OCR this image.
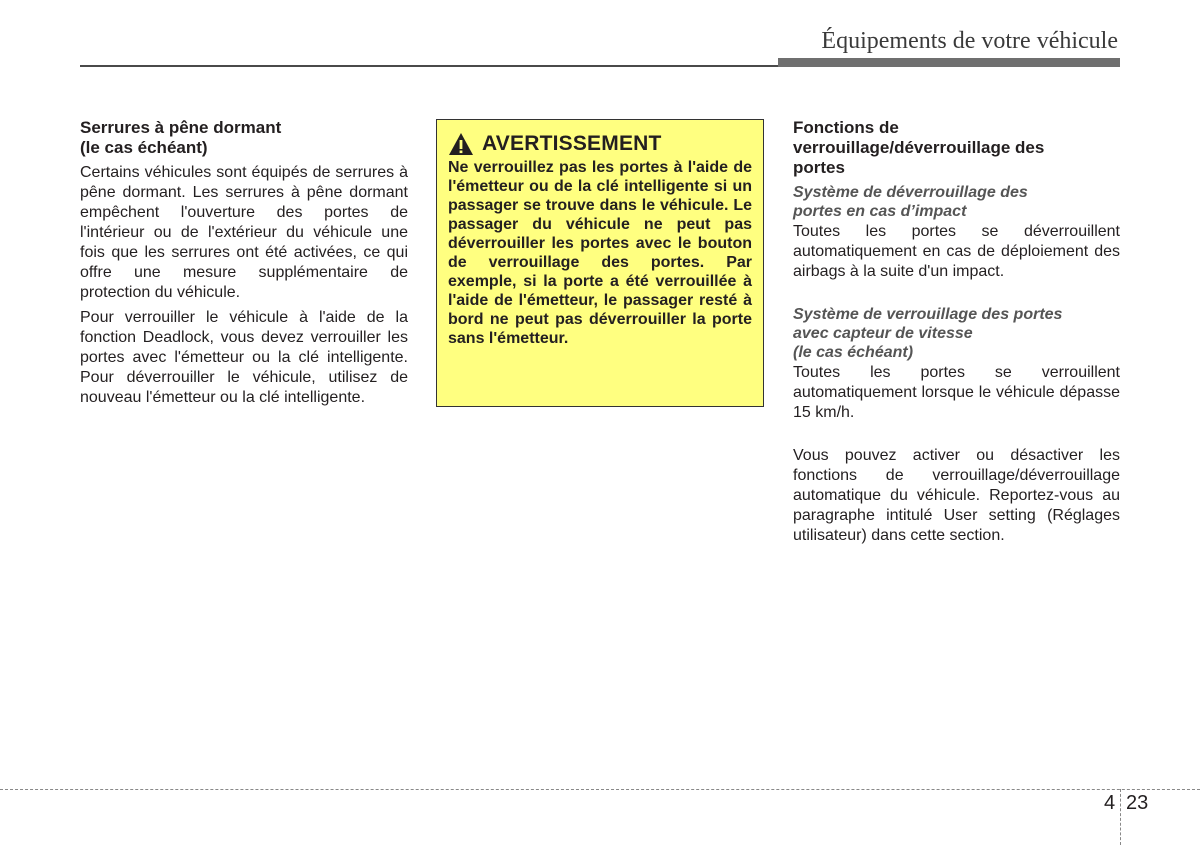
Équipements de votre véhicule
Serrures à pêne dormant
(le cas échéant)

Certains véhicules sont équipés de serrures à pêne dormant. Les serrures à pêne dormant empêchent l'ouverture des portes de l'intérieur ou de l'extérieur du véhicule une fois que les serrures ont été activées, ce qui offre une mesure supplémentaire de protection du véhicule.

Pour verrouiller le véhicule à l'aide de la fonction Deadlock, vous devez verrouiller les portes avec l'émetteur ou la clé intelligente. Pour déverrouiller le véhicule, utilisez de nouveau l'émetteur ou la clé intelligente.

AVERTISSEMENT

Ne verrouillez pas les portes à l'aide de l'émetteur ou de la clé intelligente si un passager se trouve dans le véhicule. Le passager du véhicule ne peut pas déverrouiller les portes avec le bouton de verrouillage des portes. Par exemple, si la porte a été verrouillée à l'aide de l'émetteur, le passager resté à bord ne peut pas déverrouiller la porte sans l'émetteur.

Fonctions de
verrouillage/déverrouillage des
portes
Système de déverrouillage des
portes en cas d’impact

Toutes les portes se déverrouillent automatiquement en cas de déploiement des airbags à la suite d'un impact.

Système de verrouillage des portes
avec capteur de vitesse
(le cas échéant)

Toutes les portes se verrouillent automatiquement lorsque le véhicule dépasse 15 km/h.

Vous pouvez activer ou désactiver les fonctions de verrouillage/déverrouillage automatique du véhicule. Reportez-vous au paragraphe intitulé User setting (Réglages utilisateur) dans cette section.

4 23
